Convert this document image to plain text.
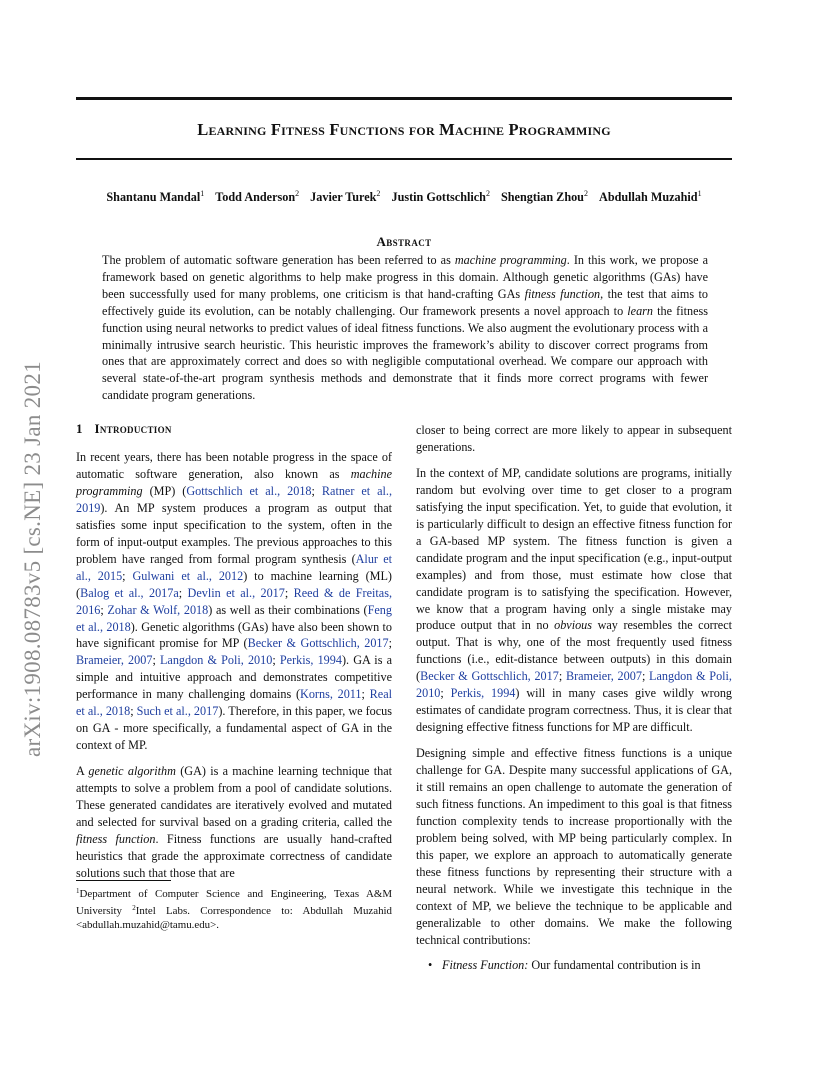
arXiv:1908.08783v5 [cs.NE] 23 Jan 2021
Learning Fitness Functions for Machine Programming
Shantanu Mandal$^1$ Todd Anderson$^2$ Javier Turek$^2$ Justin Gottschlich$^2$ Shengtian Zhou$^2$ Abdullah Muzahid$^1$
Abstract
The problem of automatic software generation has been referred to as machine programming. In this work, we propose a framework based on genetic algorithms to help make progress in this domain. Although genetic algorithms (GAs) have been successfully used for many problems, one criticism is that hand-crafting GAs fitness function, the test that aims to effectively guide its evolution, can be notably challenging. Our framework presents a novel approach to learn the fitness function using neural networks to predict values of ideal fitness functions. We also augment the evolutionary process with a minimally intrusive search heuristic. This heuristic improves the framework’s ability to discover correct programs from ones that are approximately correct and does so with negligible computational overhead. We compare our approach with several state-of-the-art program synthesis methods and demonstrate that it finds more correct programs with fewer candidate program generations.
1 Introduction

In recent years, there has been notable progress in the space of automatic software generation, also known as machine programming (MP) (Gottschlich et al., 2018; Ratner et al., 2019). An MP system produces a program as output that satisfies some input specification to the system, often in the form of input-output examples. The previous approaches to this problem have ranged from formal program synthesis (Alur et al., 2015; Gulwani et al., 2012) to machine learning (ML) (Balog et al., 2017a; Devlin et al., 2017; Reed & de Freitas, 2016; Zohar & Wolf, 2018) as well as their combinations (Feng et al., 2018). Genetic algorithms (GAs) have also been shown to have significant promise for MP (Becker & Gottschlich, 2017; Brameier, 2007; Langdon & Poli, 2010; Perkis, 1994). GA is a simple and intuitive approach and demonstrates competitive performance in many challenging domains (Korns, 2011; Real et al., 2018; Such et al., 2017). Therefore, in this paper, we focus on GA - more specifically, a fundamental aspect of GA in the context of MP.

A genetic algorithm (GA) is a machine learning technique that attempts to solve a problem from a pool of candidate solutions. These generated candidates are iteratively evolved and mutated and selected for survival based on a grading criteria, called the fitness function. Fitness functions are usually hand-crafted heuristics that grade the approximate correctness of candidate solutions such that those that are

$^1$Department of Computer Science and Engineering, Texas A&M University $^2$Intel Labs. Correspondence to: Abdullah Muzahid <abdullah.muzahid@tamu.edu>.

closer to being correct are more likely to appear in subsequent generations.

In the context of MP, candidate solutions are programs, initially random but evolving over time to get closer to a program satisfying the input specification. Yet, to guide that evolution, it is particularly difficult to design an effective fitness function for a GA-based MP system. The fitness function is given a candidate program and the input specification (e.g., input-output examples) and from those, must estimate how close that candidate program is to satisfying the specification. However, we know that a program having only a single mistake may produce output that in no obvious way resembles the correct output. That is why, one of the most frequently used fitness functions (i.e., edit-distance between outputs) in this domain (Becker & Gottschlich, 2017; Brameier, 2007; Langdon & Poli, 2010; Perkis, 1994) will in many cases give wildly wrong estimates of candidate program correctness. Thus, it is clear that designing effective fitness functions for MP are difficult.

Designing simple and effective fitness functions is a unique challenge for GA. Despite many successful applications of GA, it still remains an open challenge to automate the generation of such fitness functions. An impediment to this goal is that fitness function complexity tends to increase proportionally with the problem being solved, with MP being particularly complex. In this paper, we explore an approach to automatically generate these fitness functions by representing their structure with a neural network. While we investigate this technique in the context of MP, we believe the technique to be applicable and generalizable to other domains. We make the following technical contributions:

• Fitness Function: Our fundamental contribution is in
